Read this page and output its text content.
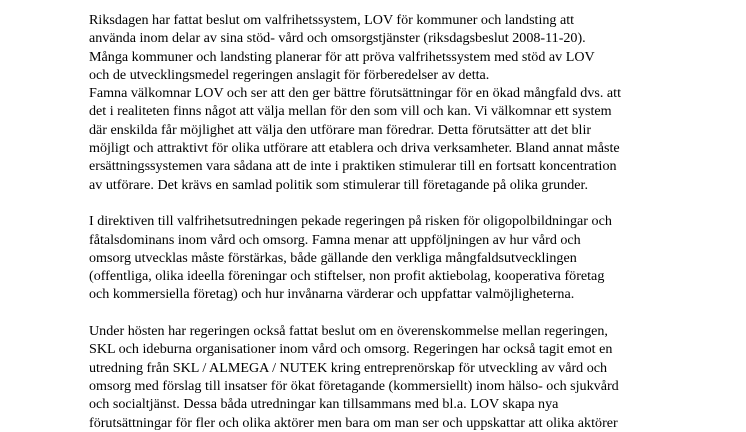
Riksdagen har fattat beslut om valfrihetssystem, LOV för kommuner och landsting att
använda inom delar av sina stöd- vård och omsorgstjänster (riksdagsbeslut 2008-11-20).
Många kommuner och landsting planerar för att pröva valfrihetssystem med stöd av LOV
och de utvecklingsmedel regeringen anslagit för förberedelser av detta.
Famna välkomnar LOV och ser att den ger bättre förutsättningar för en ökad mångfald dvs. att
det i realiteten finns något att välja mellan för den som vill och kan. Vi välkomnar ett system
där enskilda får möjlighet att välja den utförare man föredrar. Detta förutsätter att det blir
möjligt och attraktivt för olika utförare att etablera och driva verksamheter. Bland annat måste
ersättningssystemen vara sådana att de inte i praktiken stimulerar till en fortsatt koncentration
av utförare. Det krävs en samlad politik som stimulerar till företagande på olika grunder.

I direktiven till valfrihetsutredningen pekade regeringen på risken för oligopolbildningar och
fåtalsdominans inom vård och omsorg. Famna menar att uppföljningen av hur vård och
omsorg utvecklas måste förstärkas, både gällande den verkliga mångfaldsutvecklingen
(offentliga, olika ideella föreningar och stiftelser, non profit aktiebolag, kooperativa företag
och kommersiella företag) och hur invånarna värderar och uppfattar valmöjligheterna.

Under hösten har regeringen också fattat beslut om en överenskommelse mellan regeringen,
SKL och ideburna organisationer inom vård och omsorg. Regeringen har också tagit emot en
utredning från SKL / ALMEGA / NUTEK kring entreprenörskap för utveckling av vård och
omsorg med förslag till insatser för ökat företagande (kommersiellt) inom hälso- och sjukvård
och socialtjänst. Dessa båda utredningar kan tillsammans med bl.a. LOV skapa nya
förutsättningar för fler och olika aktörer men bara om man ser och uppskattar att olika aktörer
